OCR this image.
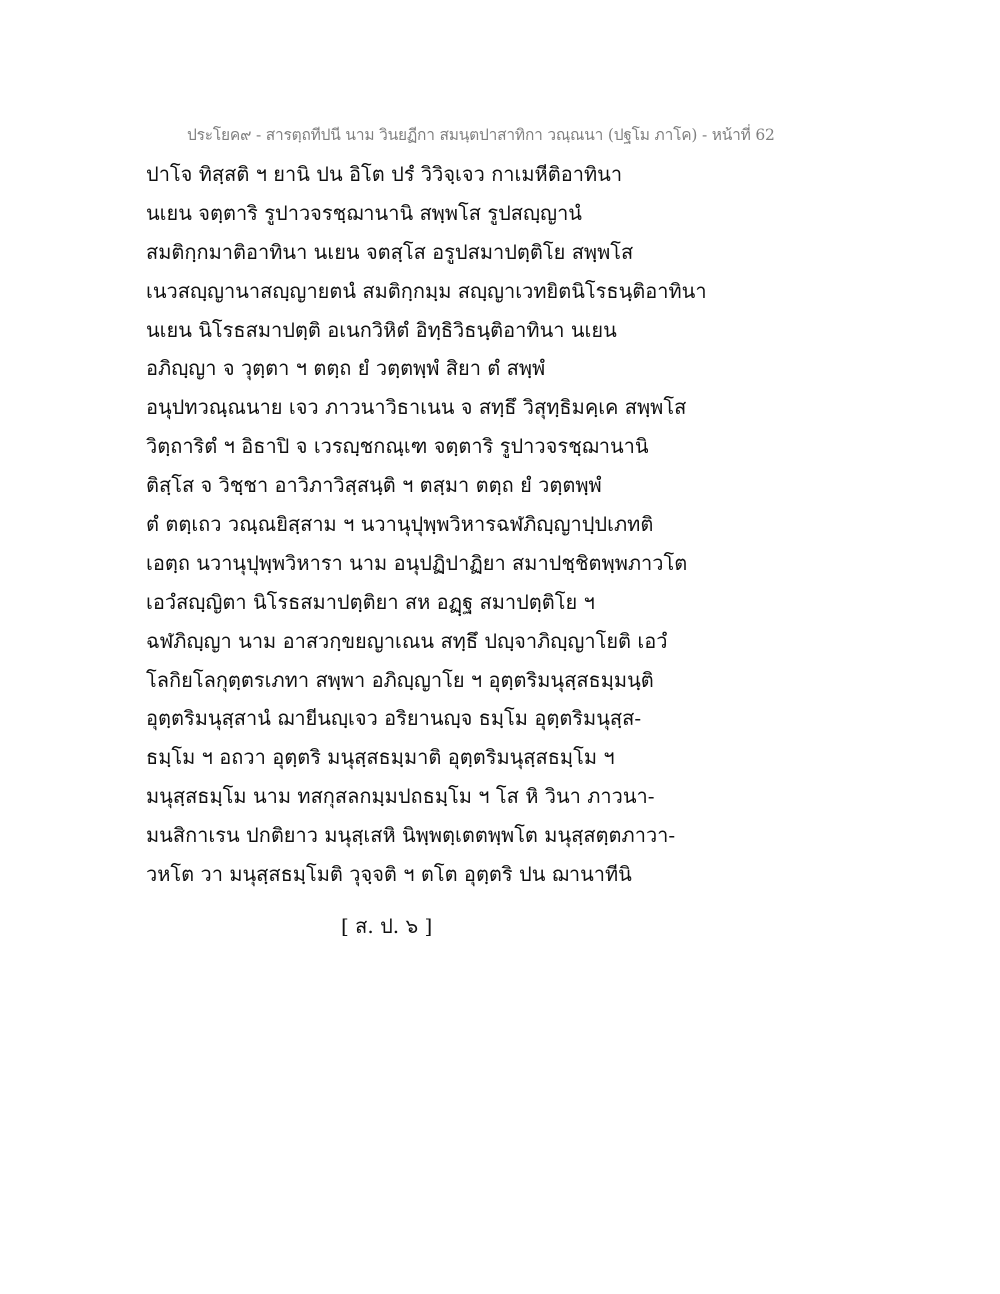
ประโยค๙ - สารตฺถทีปนี นาม วินยฏีกา สมนฺตปาสาทิกา วณฺณนา (ปฐโม ภาโค) - หน้าที่ 62
ปาโจ ทิสฺสติ ฯ ยานิ ปน อิโต ปรํ วิวิจฺเจว กาเมหีติอาทินา
นเยน จตฺตาริ รูปาวจรชฺฌานานิ สพฺพโส รูปสญฺญานํ
สมติกฺกมาติอาทินา นเยน จตสฺโส อรูปสมาปตฺติโย สพฺพโส
เนวสญฺญานาสญฺญายตนํ สมติกฺกมฺม สญฺญาเวทยิตนิโรธนฺติอาทินา
นเยน นิโรธสมาปตฺติ อเนกวิหิตํ อิทฺธิวิธนฺติอาทินา นเยน
อภิญฺญา จ วุตฺตา ฯ ตตฺถ ยํ วตฺตพฺพํ สิยา ตํ สพฺพํ
อนุปทวณฺณนาย เจว ภาวนาวิธาเนน จ สทฺธึ วิสุทฺธิมคฺเค สพฺพโส
วิตฺถาริตํ ฯ อิธาปิ จ เวรญฺชกณฺเฑ จตฺตาริ รูปาวจรชฺฌานานิ
ติสฺโส จ วิชฺชา อาวิภาวิสฺสนฺติ ฯ ตสฺมา ตตฺถ ยํ วตฺตพฺพํ
ตํ ตตฺเถว วณฺณยิสฺสาม ฯ นวานุปุพฺพวิหารฉฬภิญฺญาปฺปเภทติ
เอตฺถ นวานุปุพฺพวิหารา นาม อนุปฏิปาฏิยา สมาปชฺชิตพฺพภาวโต
เอวํสญฺญิตา นิโรธสมาปตฺติยา สห อฏฺฐ สมาปตฺติโย ฯ
ฉฬภิญฺญา นาม อาสวกฺขยญาเณน สทฺธึ ปญฺจาภิญฺญาโยติ เอวํ
โลกิยโลกุตฺตรเภทา สพฺพา อภิญฺญาโย ฯ อุตฺตริมนุสฺสธมฺมนฺติ
อุตฺตริมนุสฺสานํ ฌายีนญฺเจว อริยานญฺจ ธมฺโม อุตฺตริมนุสฺส-
ธมฺโม ฯ อถวา อุตฺตริ มนุสฺสธมฺมาติ อุตฺตริมนุสฺสธมฺโม ฯ
มนุสฺสธมฺโม นาม ทสกุสลกมฺมปถธมฺโม ฯ โส หิ วินา ภาวนา-
มนสิกาเรน ปกติยาว มนุสฺเสหิ นิพฺพตฺเตตพฺพโต มนุสฺสตฺตภาวา-
วหโต วา มนุสฺสธมฺโมติ วุจฺจติ ฯ ตโต อุตฺตริ ปน ฌานาทีนิ
[ ส. ป. ๖ ]
